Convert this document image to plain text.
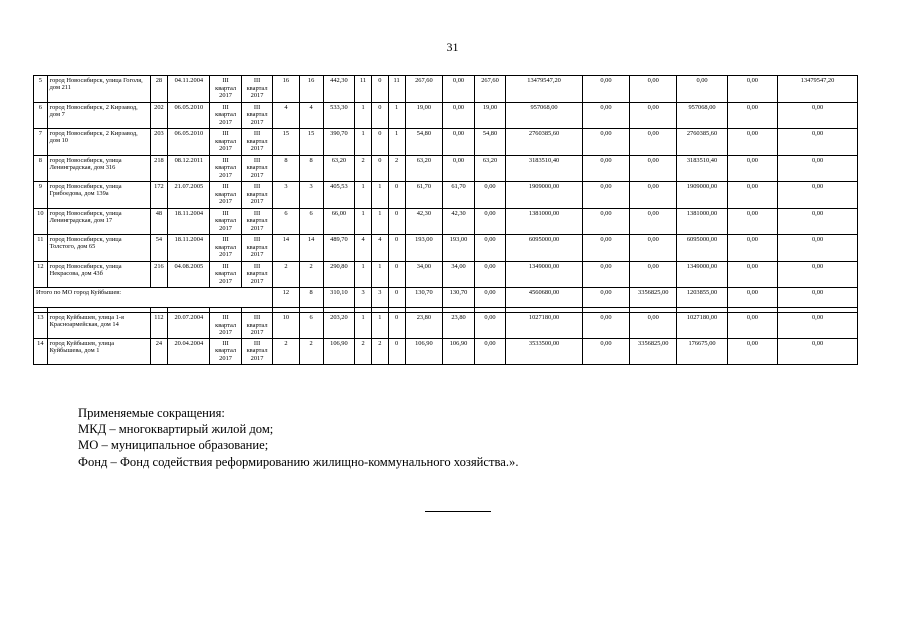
31
5	город Новосибирск, улица Гоголя, дом 211	28	04.11.2004	III квартал 2017	III квартал 2017	16	16	442,30	11	0	11	267,60	0,00	267,60	13479547,20	0,00	0,00	0,00	0,00	13479547,20
6	город Новосибирск, 2 Кирзавод, дом 7	202	06.05.2010	III квартал 2017	III квартал 2017	4	4	533,30	1	0	1	19,00	0,00	19,00	957068,00	0,00	0,00	957068,00	0,00	0,00
7	город Новосибирск, 2 Кирзавод, дом 10	203	06.05.2010	III квартал 2017	III квартал 2017	15	15	390,70	1	0	1	54,80	0,00	54,80	2760385,60	0,00	0,00	2760385,60	0,00	0,00
8	город Новосибирск, улица Ленинградская, дом 316	218	08.12.2011	III квартал 2017	III квартал 2017	8	8	63,20	2	0	2	63,20	0,00	63,20	3183510,40	0,00	0,00	3183510,40	0,00	0,00
9	город Новосибирск, улица Грибоедова, дом 139а	172	21.07.2005	III квартал 2017	III квартал 2017	3	3	405,53	1	1	0	61,70	61,70	0,00	1909000,00	0,00	0,00	1909000,00	0,00	0,00
10	город Новосибирск, улица Ленинградская, дом 17	48	18.11.2004	III квартал 2017	III квартал 2017	6	6	66,00	1	1	0	42,30	42,30	0,00	1381000,00	0,00	0,00	1381000,00	0,00	0,00
11	город Новосибирск, улица Толстого, дом 65	54	18.11.2004	III квартал 2017	III квартал 2017	14	14	489,70	4	4	0	193,00	193,00	0,00	6095000,00	0,00	0,00	6095000,00	0,00	0,00
12	город Новосибирск, улица Некрасова, дом 43б	216	04.08.2005	III квартал 2017	III квартал 2017	2	2	290,80	1	1	0	34,00	34,00	0,00	1349000,00	0,00	0,00	1349000,00	0,00	0,00
Итого по МО город Куйбышев:						12	8	310,10	3	3	0	130,70	130,70	0,00	4560680,00	0,00	3356825,00	1203855,00	0,00	0,00

13	город Куйбышев, улица 1-я Красноармейская, дом 14	112	20.07.2004	III квартал 2017	III квартал 2017	10	6	203,20	1	1	0	23,80	23,80	0,00	1027180,00	0,00	0,00	1027180,00	0,00	0,00
14	город Куйбышев, улица Куйбышева, дом 1	24	20.04.2004	III квартал 2017	III квартал 2017	2	2	106,90	2	2	0	106,90	106,90	0,00	3533500,00	0,00	3356825,00	176675,00	0,00	0,00
Применяемые сокращения:
МКД – многоквартирый жилой дом;
МО – муниципальное образование;
Фонд – Фонд содействия реформированию жилищно-коммунального хозяйства.».
